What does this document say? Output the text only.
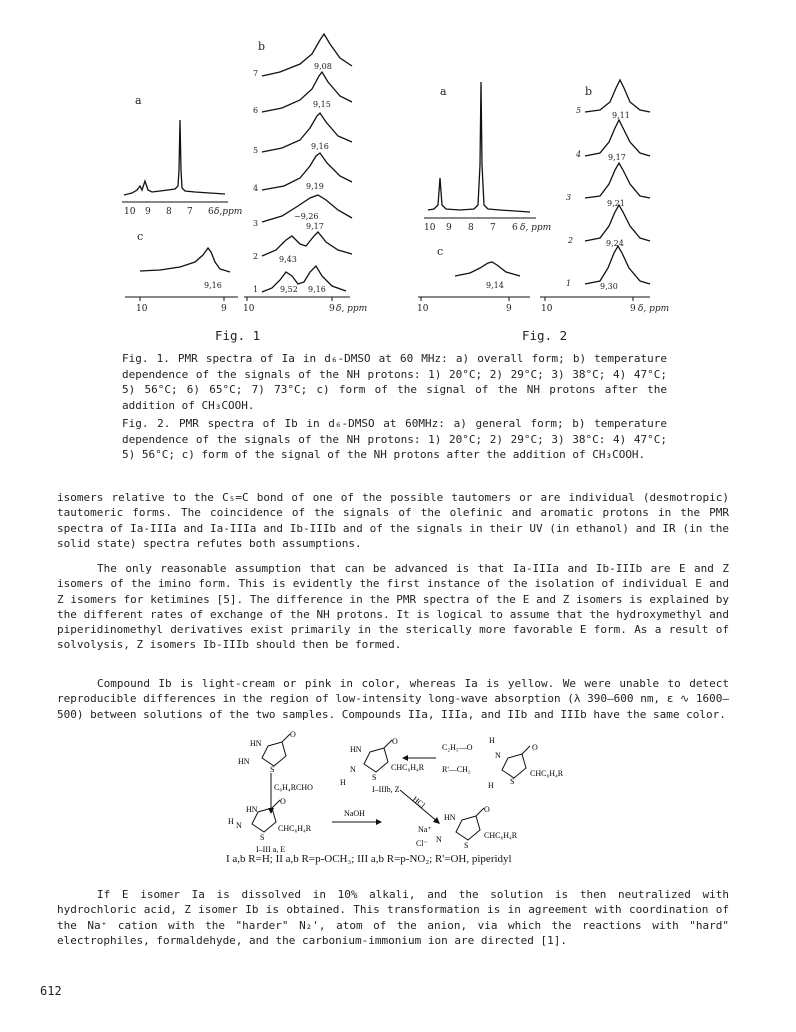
a
10 9 8 7 6 δ,ppm
c
9,16
10	9
b
7
9,08
6
9,15
5	9,16
4	9,19
3
~9,26
2	9,43
9,17
1	9,52 9,16
10	9 δ, ppm
a
10 9 8 7 6 δ, ppm
c
9,14
10	9
b
5
9,11
4	9,17
3
9,21
2	9,24
1	9,30
10	9 δ, ppm
O
HN
HN
S
C₆H₄RCHO
O
HN
N
H
S
CHC₆H₄R
I–IIIb, Z
C₂H₅—O
H
R'—CH₂
O
N
H S
CHC₆H₄R
HCl
O
HN
H N
S
CHC₆H₄R
I–III a, E
NaOH	O
HN
Na⁺
Cl⁻ N
S
CHC₆H₄R
Fig. 1	Fig. 2
Fig. 1. PMR spectra of Ia in d₆-DMSO at 60 MHz: a) overall form; b) temperature dependence of the signals of the NH protons: 1) 20°C; 2) 29°C; 3) 38°C; 4) 47°C; 5) 56°C; 6) 65°C; 7) 73°C; c) form of the signal of the NH protons after the addition of CH₃COOH.
Fig. 2. PMR spectra of Ib in d₆-DMSO at 60MHz: a) general form; b) temperature dependence of the signals of the NH protons: 1) 20°C; 2) 29°C; 3) 38°C: 4) 47°C; 5) 56°C; c) form of the signal of the NH protons after the addition of CH₃COOH.

isomers relative to the C₅=C bond of one of the possible tautomers or are individual (desmotropic) tautomeric forms. The coincidence of the signals of the olefinic and aromatic protons in the PMR spectra of Ia-IIIa and Ia-IIIa and Ib-IIIb and of the signals in their UV (in ethanol) and IR (in the solid state) spectra refutes both assumptions.

The only reasonable assumption that can be advanced is that Ia-IIIa and Ib-IIIb are E and Z isomers of the imino form. This is evidently the first instance of the isolation of individual E and Z isomers for ketimines [5]. The difference in the PMR spectra of the E and Z isomers is explained by the different rates of exchange of the NH protons. It is logical to assume that the hydroxymethyl and piperidinomethyl derivatives exist primarily in the sterically more favorable E form. As a result of solvolysis, Z isomers Ib-IIIb should then be formed.

Compound Ib is light-cream or pink in color, whereas Ia is yellow. We were unable to detect reproducible differences in the region of low-intensity long-wave absorption (λ 390–600 nm, ε ∿ 1600–500) between solutions of the two samples. Compounds IIa, IIIa, and IIb and IIIb have the same color.

I a,b R=H; II a,b R=p-OCH₃; III a,b R=p-NO₂; R'=OH, piperidyl

If E isomer Ia is dissolved in 10% alkali, and the solution is then neutralized with hydrochloric acid, Z isomer Ib is obtained. This transformation is in agreement with coordination of the Na⁺ cation with the "harder" N₂', atom of the anion, via which the reactions with "hard" electrophiles, formaldehyde, and the carbonium-immonium ion are directed [1].

612
